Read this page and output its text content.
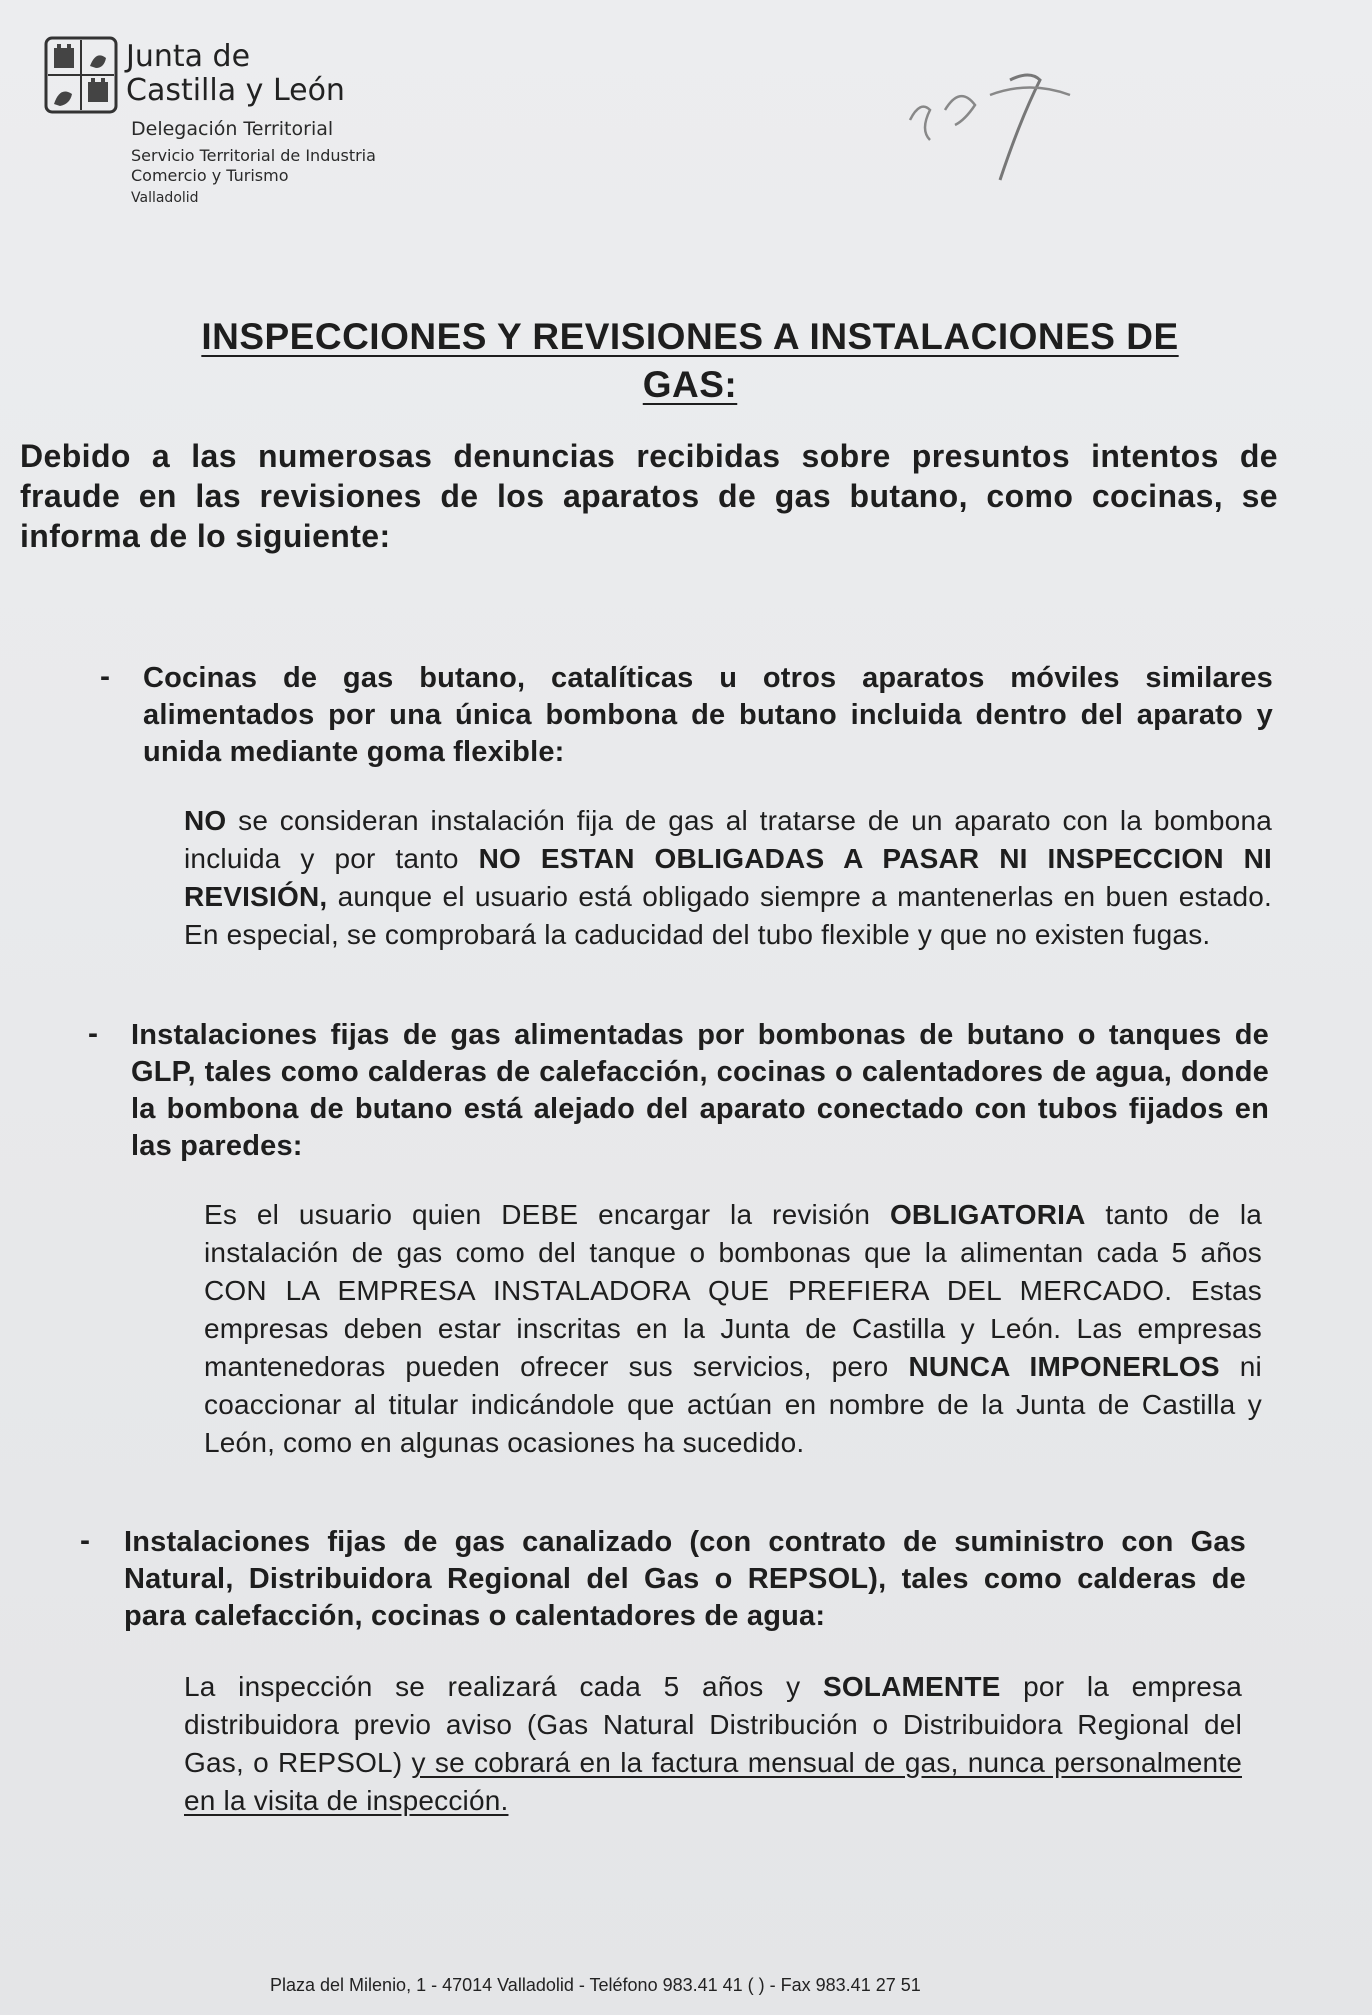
Junta de
Castilla y León
Delegación Territorial
Servicio Territorial de Industria
Comercio y Turismo
Valladolid
INSPECCIONES Y REVISIONES A INSTALACIONES DE
GAS:
Debido a las numerosas denuncias recibidas sobre presuntos intentos de fraude en las revisiones de los aparatos de gas butano, como cocinas, se informa de lo siguiente:
- Cocinas de gas butano, catalíticas u otros aparatos móviles similares alimentados por una única bombona de butano incluida dentro del aparato y unida mediante goma flexible:
NO se consideran instalación fija de gas al tratarse de un aparato con la bombona incluida y por tanto NO ESTAN OBLIGADAS A PASAR NI INSPECCION NI REVISIÓN, aunque el usuario está obligado siempre a mantenerlas en buen estado. En especial, se comprobará la caducidad del tubo flexible y que no existen fugas.
- Instalaciones fijas de gas alimentadas por bombonas de butano o tanques de GLP, tales como calderas de calefacción, cocinas o calentadores de agua, donde la bombona de butano está alejado del aparato conectado con tubos fijados en las paredes:
Es el usuario quien DEBE encargar la revisión OBLIGATORIA tanto de la instalación de gas como del tanque o bombonas que la alimentan cada 5 años CON LA EMPRESA INSTALADORA QUE PREFIERA DEL MERCADO. Estas empresas deben estar inscritas en la Junta de Castilla y León. Las empresas mantenedoras pueden ofrecer sus servicios, pero NUNCA IMPONERLOS ni coaccionar al titular indicándole que actúan en nombre de la Junta de Castilla y León, como en algunas ocasiones ha sucedido.
- Instalaciones fijas de gas canalizado (con contrato de suministro con Gas Natural, Distribuidora Regional del Gas o REPSOL), tales como calderas de para calefacción, cocinas o calentadores de agua:
La inspección se realizará cada 5 años y SOLAMENTE por la empresa distribuidora previo aviso (Gas Natural Distribución o Distribuidora Regional del Gas, o REPSOL) y se cobrará en la factura mensual de gas, nunca personalmente en la visita de inspección.
Plaza del Milenio, 1 - 47014 Valladolid - Teléfono 983.41 41 ( ) - Fax 983.41 27 51
